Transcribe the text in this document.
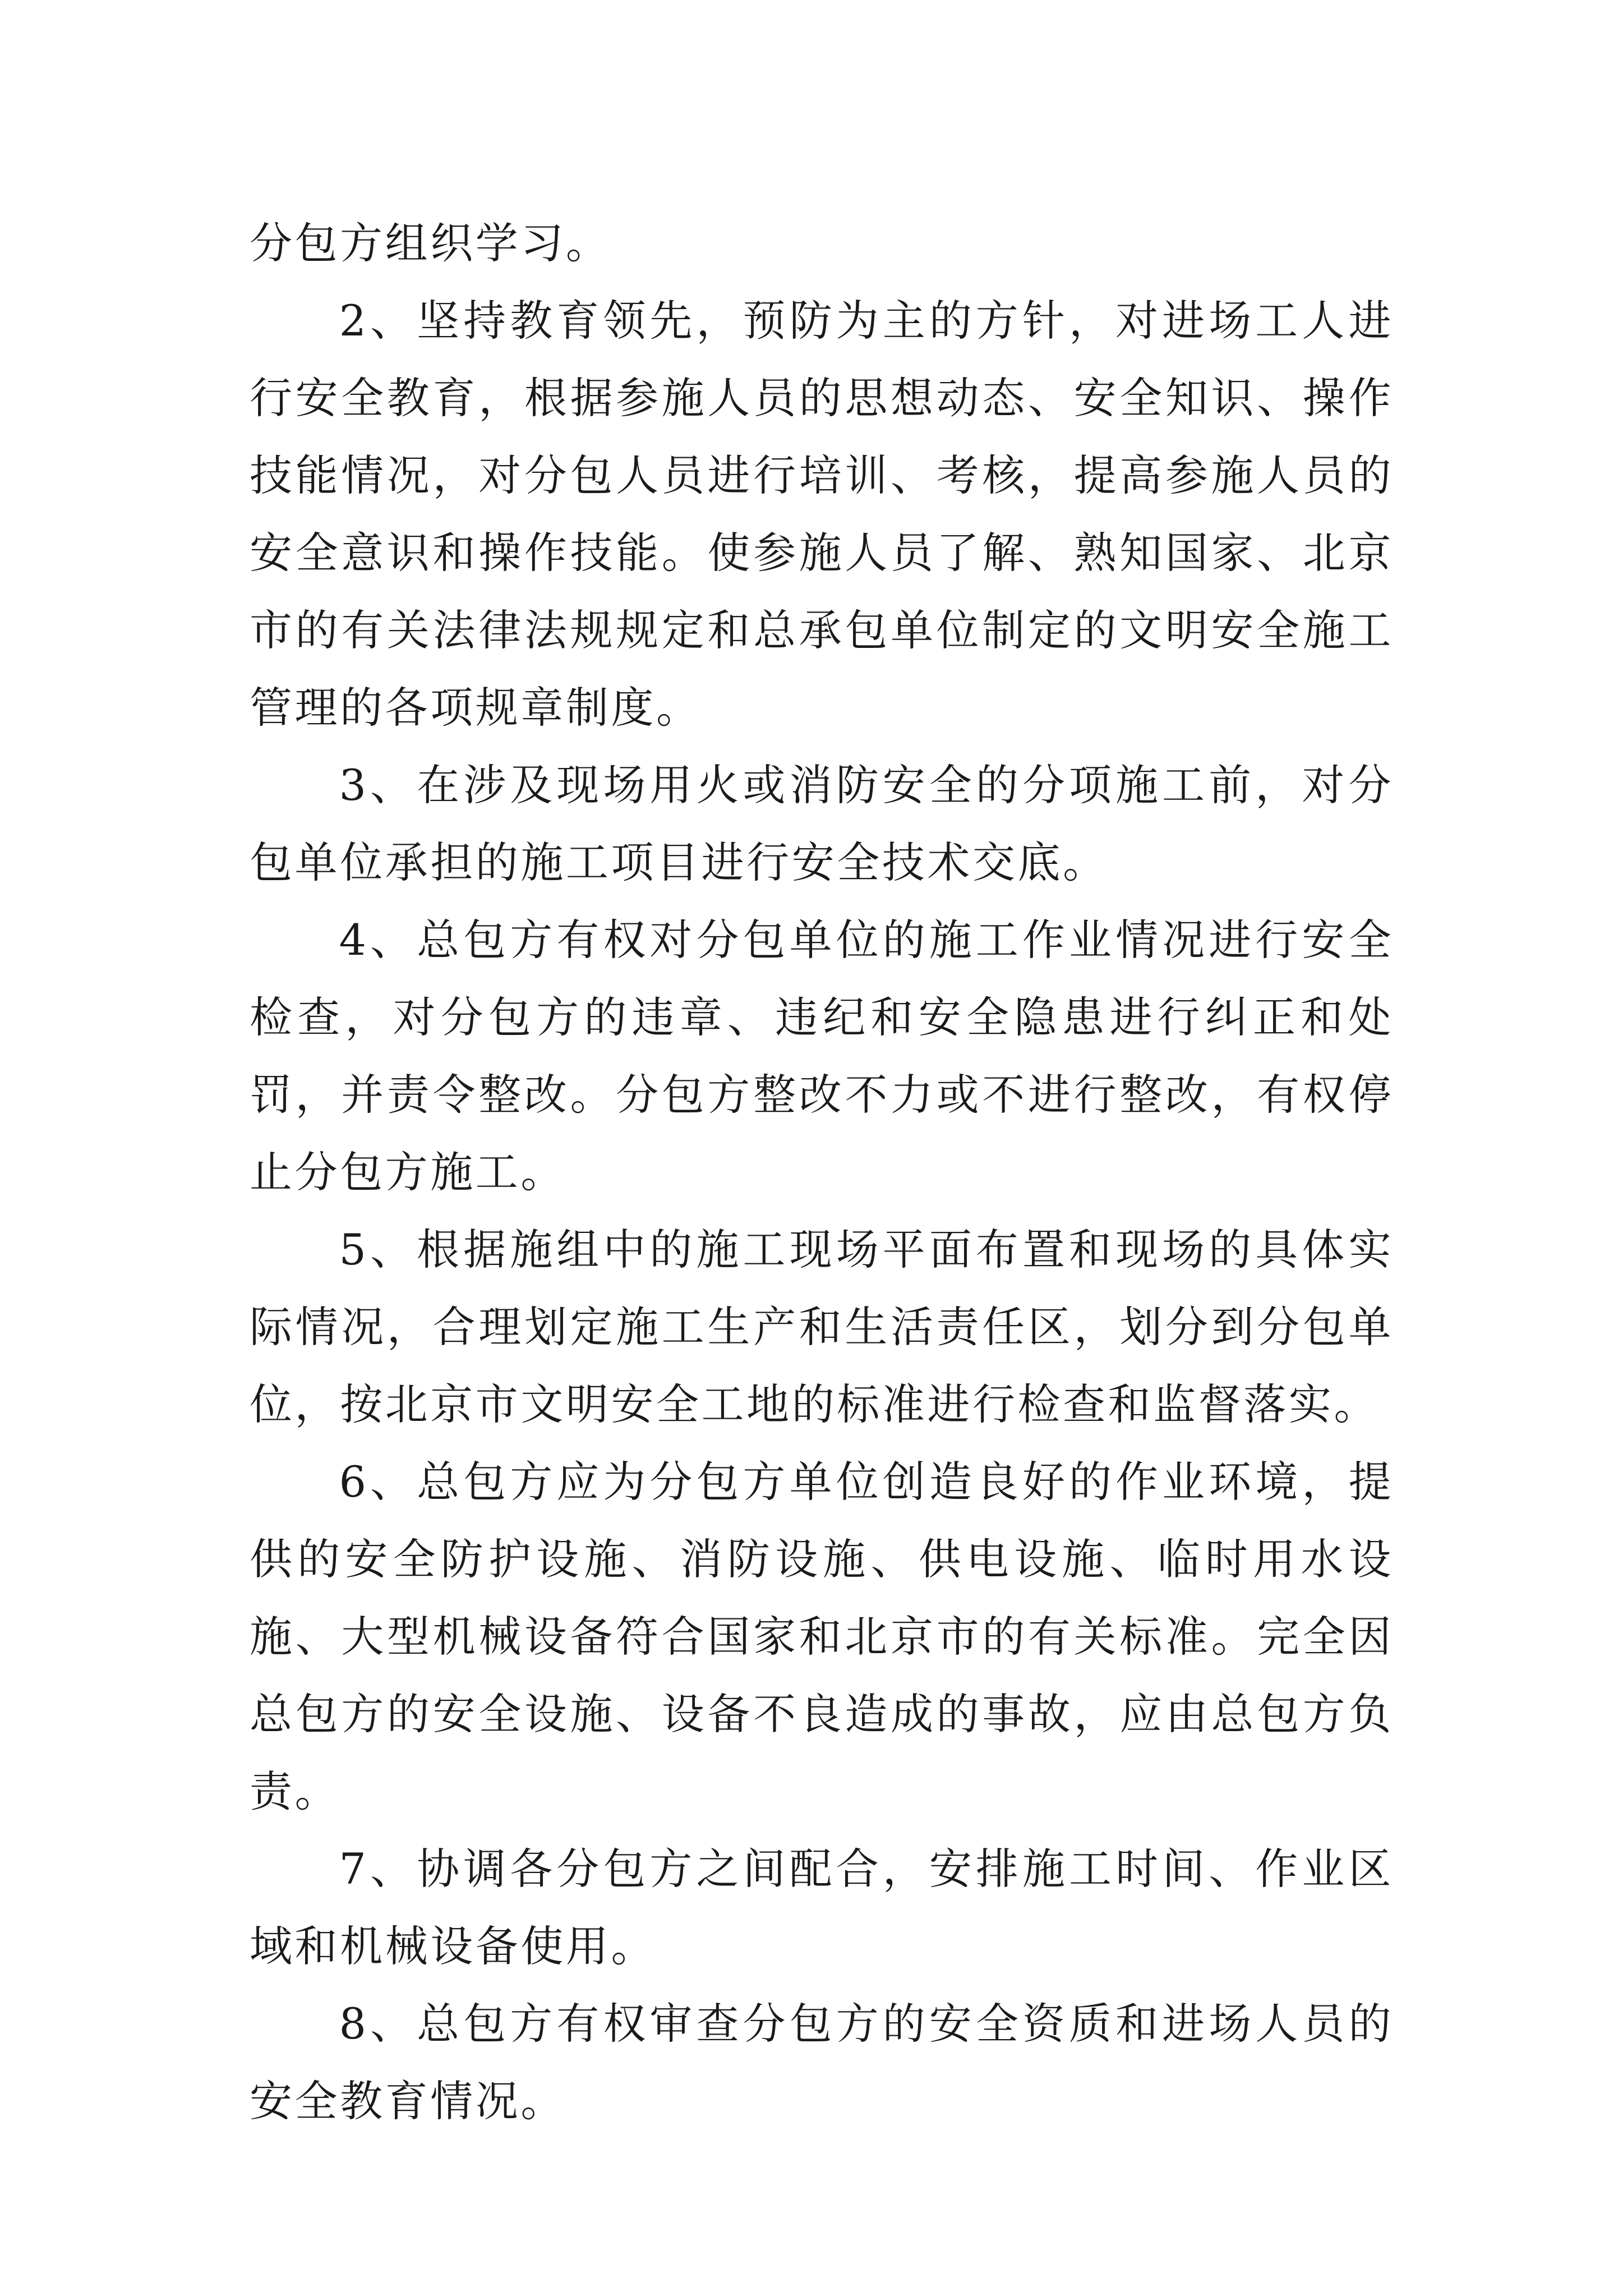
分包方组织学习。

2、坚持教育领先，预防为主的方针，对进场工人进行安全教育，根据参施人员的思想动态、安全知识、操作技能情况，对分包人员进行培训、考核，提高参施人员的安全意识和操作技能。使参施人员了解、熟知国家、北京市的有关法律法规规定和总承包单位制定的文明安全施工管理的各项规章制度。

3、在涉及现场用火或消防安全的分项施工前，对分包单位承担的施工项目进行安全技术交底。

4、总包方有权对分包单位的施工作业情况进行安全检查，对分包方的违章、违纪和安全隐患进行纠正和处罚，并责令整改。分包方整改不力或不进行整改，有权停止分包方施工。

5、根据施组中的施工现场平面布置和现场的具体实际情况，合理划定施工生产和生活责任区，划分到分包单位，按北京市文明安全工地的标准进行检查和监督落实。

6、总包方应为分包方单位创造良好的作业环境，提供的安全防护设施、消防设施、供电设施、临时用水设施、大型机械设备符合国家和北京市的有关标准。完全因总包方的安全设施、设备不良造成的事故，应由总包方负责。

7、协调各分包方之间配合，安排施工时间、作业区域和机械设备使用。

8、总包方有权审查分包方的安全资质和进场人员的安全教育情况。
